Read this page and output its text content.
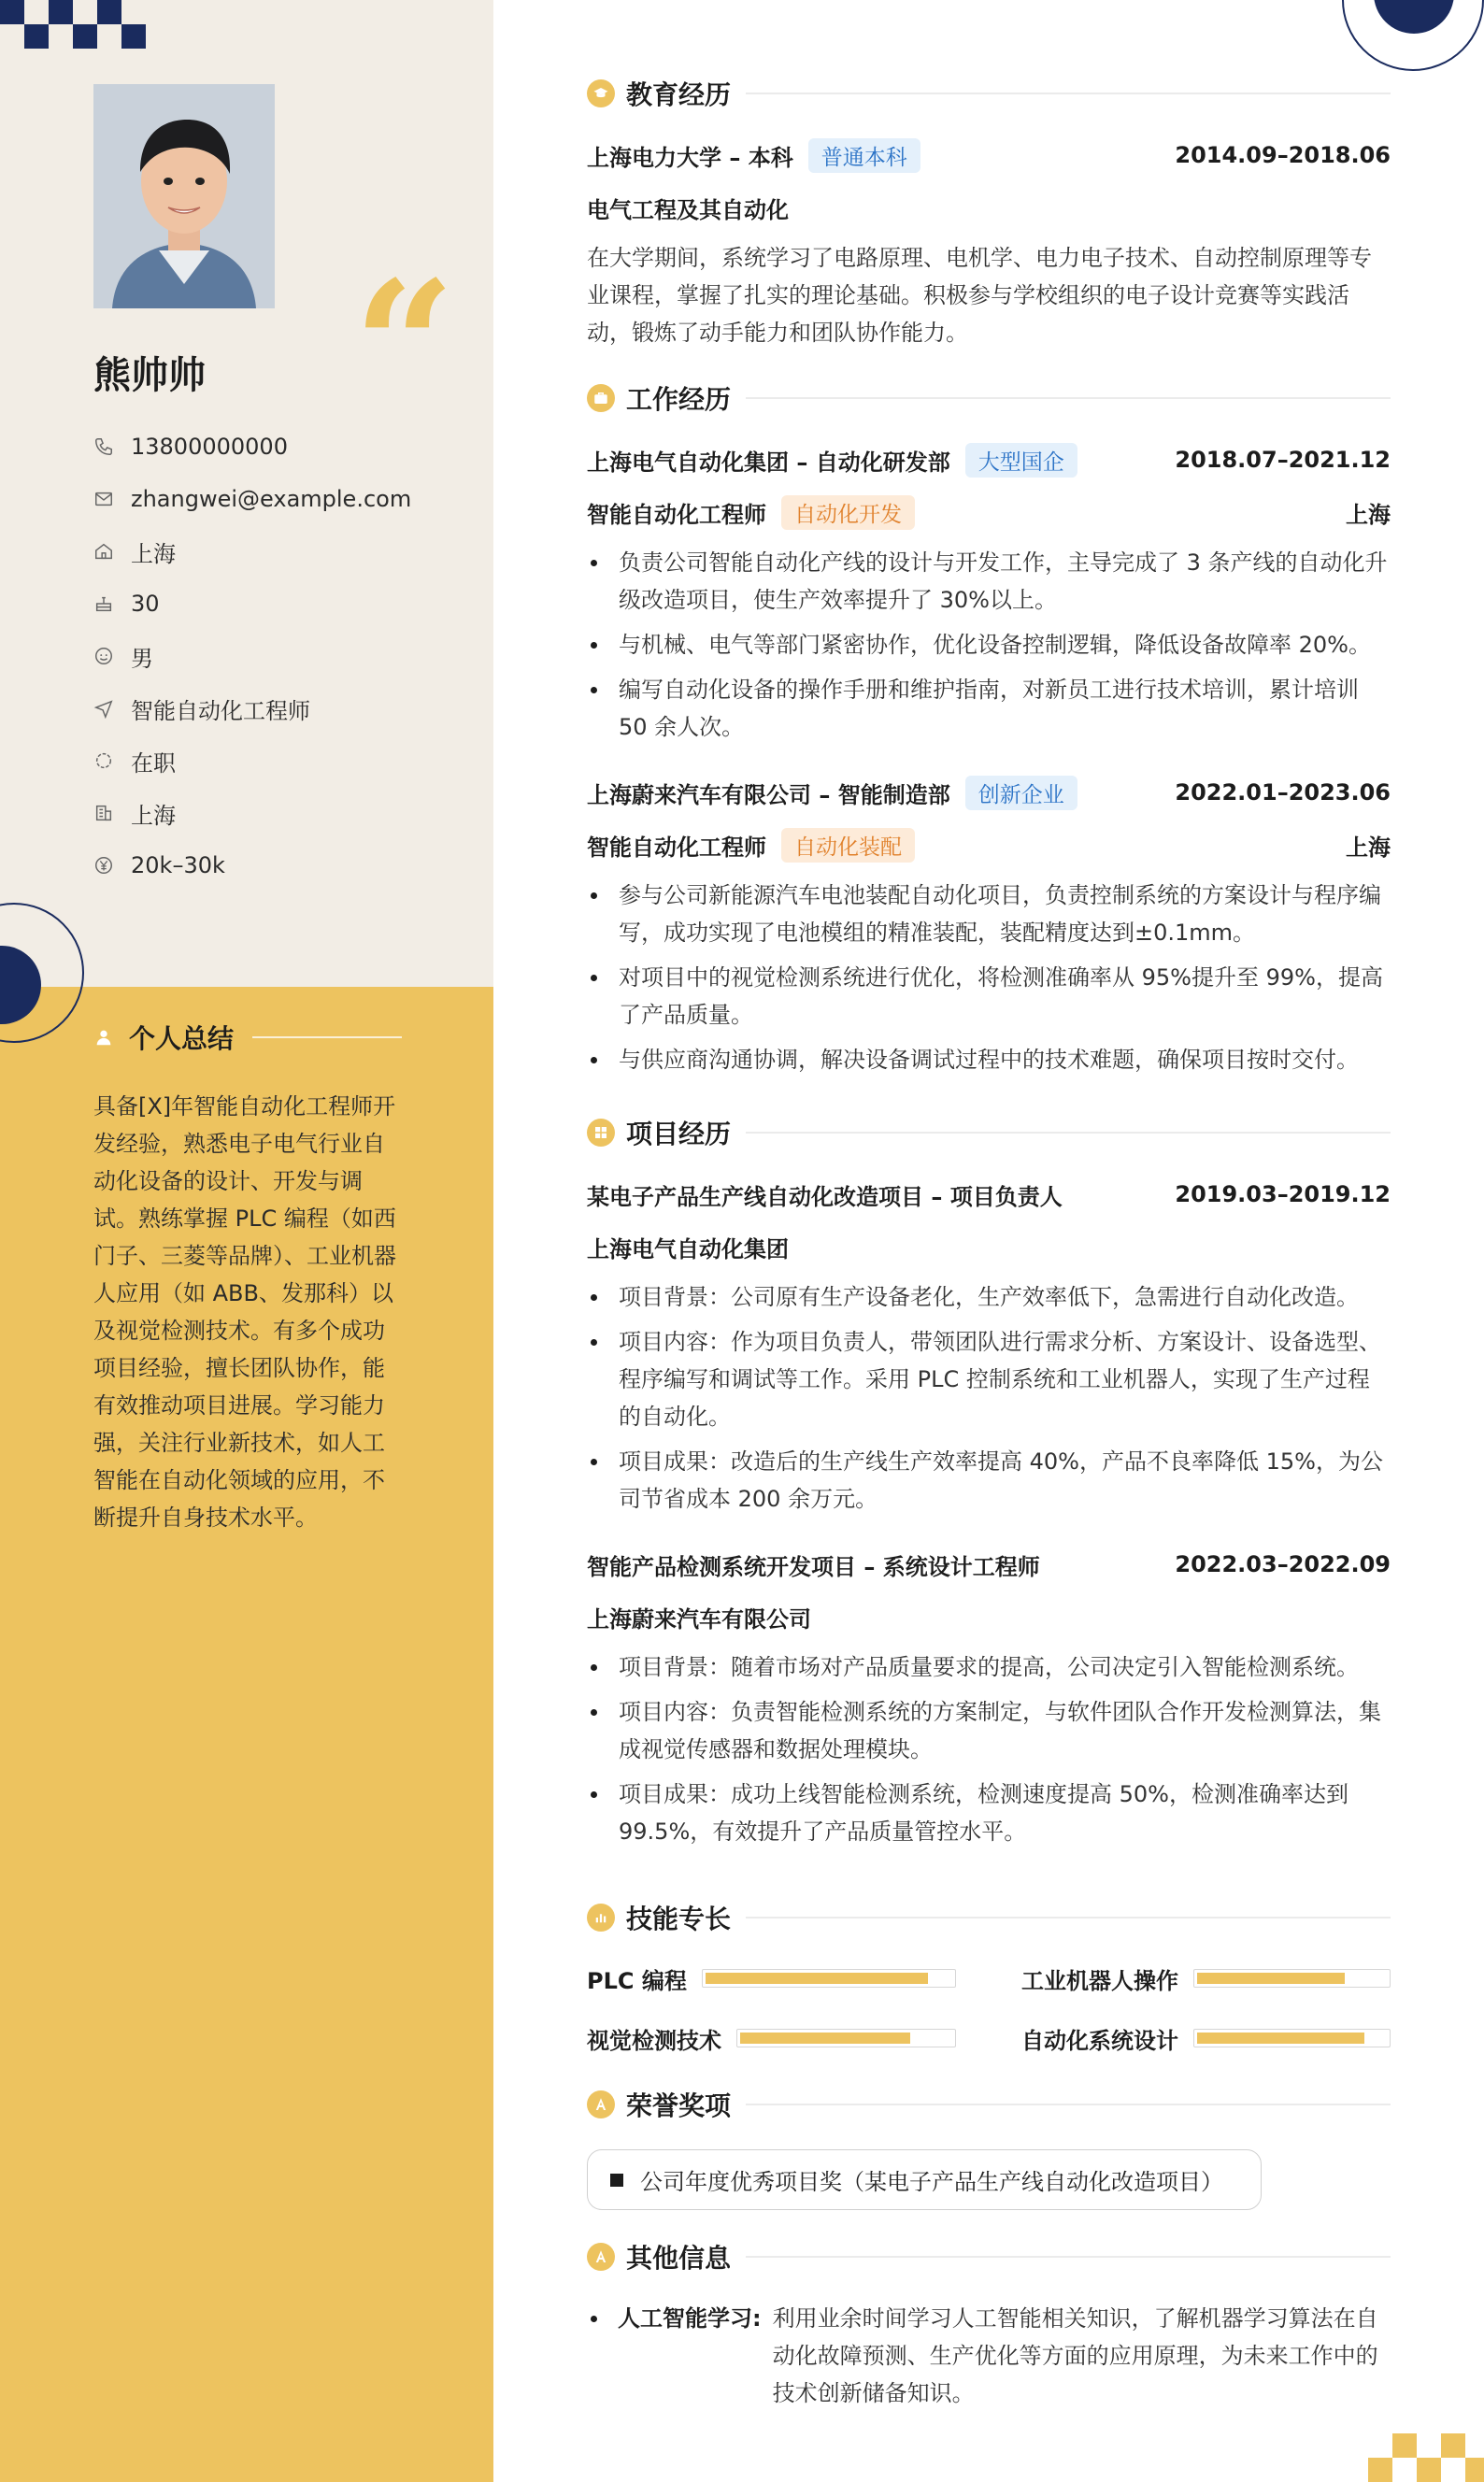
“
熊帅帅
13800000000
zhangwei@example.com
上海
30
男
智能自动化工程师
在职
上海
20k–30k
个人总结
具备[X]年智能自动化工程师开发经验，熟悉电子电气行业自动化设备的设计、开发与调试。熟练掌握 PLC 编程（如西门子、三菱等品牌）、工业机器人应用（如 ABB、发那科）以及视觉检测技术。有多个成功项目经验，擅长团队协作，能有效推动项目进展。学习能力强，关注行业新技术，如人工智能在自动化领域的应用，不断提升自身技术水平。
教育经历
上海电力大学 – 本科	普通本科	2014.09–2018.06
电气工程及其自动化

在大学期间，系统学习了电路原理、电机学、电力电子技术、自动控制原理等专业课程，掌握了扎实的理论基础。积极参与学校组织的电子设计竞赛等实践活动，锻炼了动手能力和团队协作能力。

工作经历
上海电气自动化集团 – 自动化研发部	大型国企	2018.07–2021.12
智能自动化工程师	自动化开发	上海
负责公司智能自动化产线的设计与开发工作，主导完成了 3 条产线的自动化升级改造项目，使生产效率提升了 30%以上。
与机械、电气等部门紧密协作，优化设备控制逻辑，降低设备故障率 20%。
编写自动化设备的操作手册和维护指南，对新员工进行技术培训，累计培训 50 余人次。
上海蔚来汽车有限公司 – 智能制造部	创新企业	2022.01–2023.06
智能自动化工程师	自动化装配	上海
参与公司新能源汽车电池装配自动化项目，负责控制系统的方案设计与程序编写，成功实现了电池模组的精准装配，装配精度达到±0.1mm。
对项目中的视觉检测系统进行优化，将检测准确率从 95%提升至 99%，提高了产品质量。
与供应商沟通协调，解决设备调试过程中的技术难题，确保项目按时交付。
项目经历
某电子产品生产线自动化改造项目 – 项目负责人	2019.03–2019.12
上海电气自动化集团
项目背景：公司原有生产设备老化，生产效率低下，急需进行自动化改造。
项目内容：作为项目负责人，带领团队进行需求分析、方案设计、设备选型、程序编写和调试等工作。采用 PLC 控制系统和工业机器人，实现了生产过程的自动化。
项目成果：改造后的生产线生产效率提高 40%，产品不良率降低 15%，为公司节省成本 200 余万元。
智能产品检测系统开发项目 – 系统设计工程师	2022.03–2022.09
上海蔚来汽车有限公司
项目背景：随着市场对产品质量要求的提高，公司决定引入智能检测系统。
项目内容：负责智能检测系统的方案制定，与软件团队合作开发检测算法，集成视觉传感器和数据处理模块。
项目成果：成功上线智能检测系统，检测速度提高 50%，检测准确率达到 99.5%，有效提升了产品质量管控水平。
技能专长
PLC 编程	工业机器人操作
视觉检测技术	自动化系统设计
荣誉奖项
公司年度优秀项目奖（某电子产品生产线自动化改造项目）
其他信息
人工智能学习: 利用业余时间学习人工智能相关知识，了解机器学习算法在自动化故障预测、生产优化等方面的应用原理，为未来工作中的技术创新储备知识。
